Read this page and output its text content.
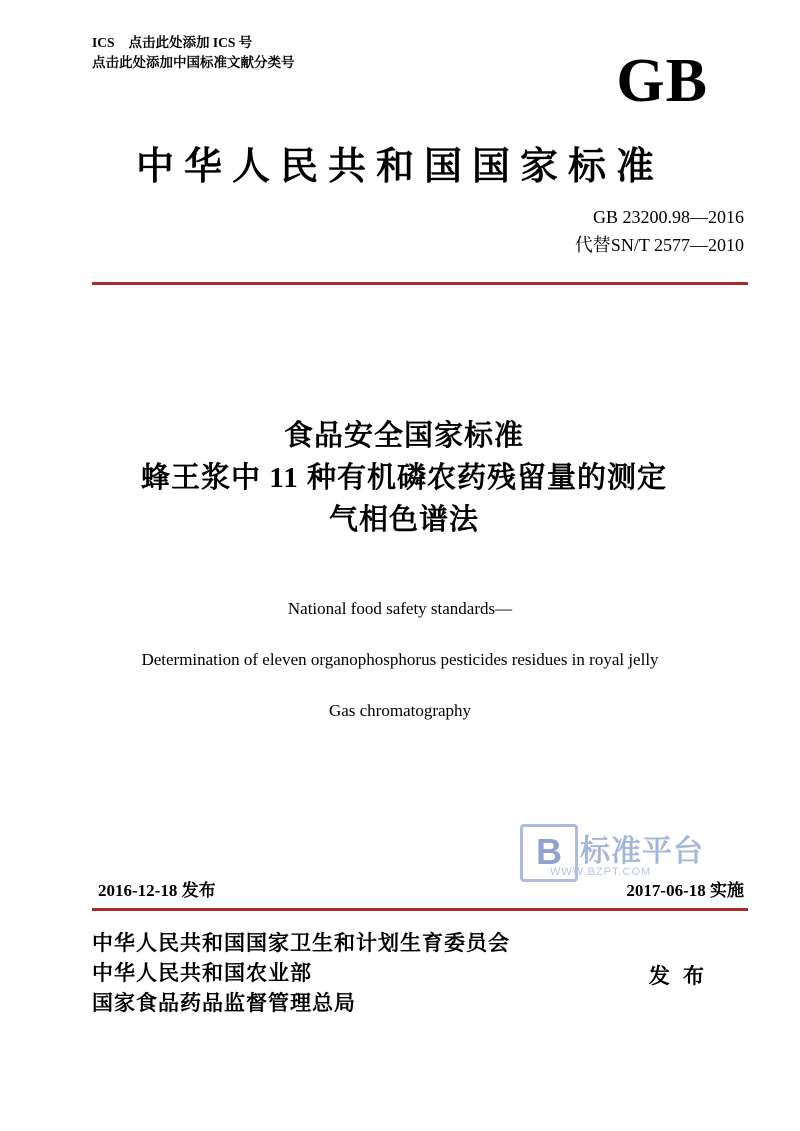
ICS 点击此处添加 ICS 号
点击此处添加中国标准文献分类号	GB
中华人民共和国国家标准
GB 23200.98—2016
代替SN/T 2577—2010
食品安全国家标准
蜂王浆中 11 种有机磷农药残留量的测定
气相色谱法
National food safety standards—
Determination of eleven organophosphorus pesticides residues in royal jelly
Gas chromatography
B 标准平台
WWW.BZPT.COM
2016-12-18 发布	2017-06-18 实施
中华人民共和国国家卫生和计划生育委员会
中华人民共和国农业部
国家食品药品监督管理总局
发 布
